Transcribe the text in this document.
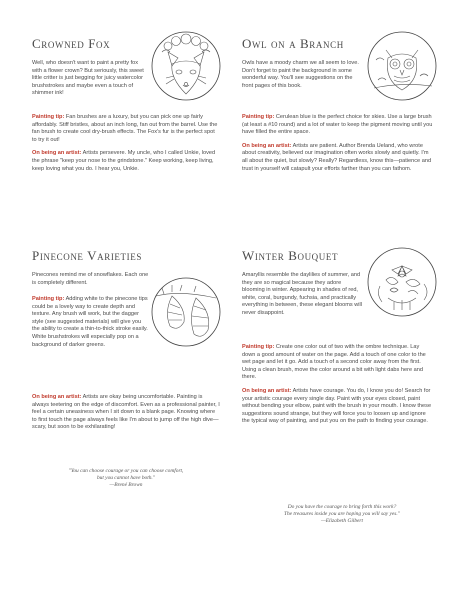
Crowned Fox

Well, who doesn't want to paint a pretty fox with a flower crown? But seriously, this sweet little critter is just begging for juicy watercolor brushstrokes and maybe even a touch of shimmer ink!

Painting tip: Fan brushes are a luxury, but you can pick one up fairly affordably. Stiff bristles, about an inch long, fan out from the barrel. Use the fan brush to create cool dry-brush effects. The Fox's fur is the perfect spot to try it out!

On being an artist: Artists persevere. My uncle, who I called Unkie, loved the phrase "keep your nose to the grindstone." Keep working, keep living, keep loving what you do. I hear you, Unkie.

Owl on a Branch

Owls have a moody charm we all seem to love. Don't forget to paint the background in some wonderful way. You'll see suggestions on the front pages of this book.

Painting tip: Cerulean blue is the perfect choice for skies. Use a large brush (at least a #10 round) and a lot of water to keep the pigment moving until you have filled the entire space.

On being an artist: Artists are patient. Author Brenda Ueland, who wrote about creativity, believed our imagination often works slowly and quietly. I'm all about the quiet, but slowly? Really? Regardless, know this—patience and trust in yourself will catapult your efforts farther than you can fathom.

Pinecone Varieties

Pinecones remind me of snowflakes. Each one is completely different.

Painting tip: Adding white to the pinecone tips could be a lovely way to create depth and texture. Any brush will work, but the dagger style (see suggested materials) will give you the ability to create a thin-to-thick stroke easily. White brushstrokes will especially pop on a background of darker greens.

On being an artist: Artists are okay being uncomfortable. Painting is always teetering on the edge of discomfort. Even as a professional painter, I feel a certain uneasiness when I sit down to a blank page. Knowing where to first touch the page always feels like I'm about to jump off the high dive—scary, but soon to be exhilarating!

"You can choose courage or you can choose comfort,
but you cannot have both."
—Brené Brown
Winter Bouquet

Amaryllis resemble the daylilies of summer, and they are so magical because they adore blooming in winter. Appearing in shades of red, white, coral, burgundy, fuchsia, and practically everything in between, these elegant blooms will never disappoint.

Painting tip: Create one color out of two with the ombre technique. Lay down a good amount of water on the page. Add a touch of one color to the wet page and let it go. Add a touch of a second color away from the first. Using a clean brush, move the color around a bit with light dabs here and there.

On being an artist: Artists have courage. You do, I know you do! Search for your artistic courage every single day. Paint with your eyes closed, paint without bending your elbow, paint with the brush in your mouth. I know these suggestions sound strange, but they will force you to loosen up and ignore the typical way of painting, and put you on the path to finding your courage.

Do you have the courage to bring forth this work?
The treasures inside you are hoping you will say yes."
—Elizabeth Gilbert
